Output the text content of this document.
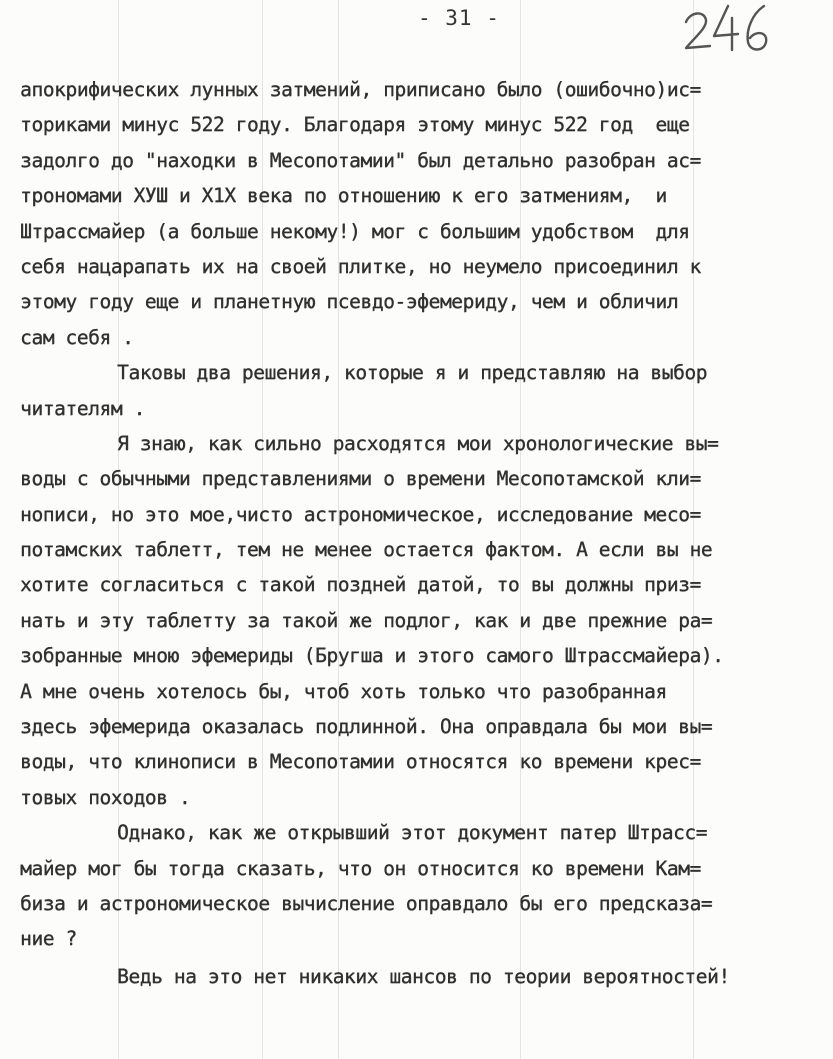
- 31 -
апокрифических лунных затмений, приписано было (ошибочно)ис=
ториками минус 522 году. Благодаря этому минус 522 год  еще
задолго до "находки в Месопотамии" был детально разобран ас=
трономами ХУШ и Х1Х века по отношению к его затмениям,  и
Штрассмайер (а больше некому!) мог с большим удобством  для
себя нацарапать их на своей плитке, но неумело присоединил к
этому году еще и планетную псевдо-эфемериду, чем и обличил
сам себя .
Таковы два решения, которые я и представляю на выбор
читателям .
Я знаю, как сильно расходятся мои хронологические вы=
воды с обычными представлениями о времени Месопотамской кли=
нописи, но это мое,чисто астрономическое, исследование месо=
потамских таблетт, тем не менее остается фактом. А если вы не
хотите согласиться с такой поздней датой, то вы должны приз=
нать и эту таблетту за такой же подлог, как и две прежние ра=
зобранные мною эфемериды (Бругша и этого самого Штрассмайера).
А мне очень хотелось бы, чтоб хоть только что разобранная
здесь эфемерида оказалась подлинной. Она оправдала бы мои вы=
воды, что клинописи в Месопотамии относятся ко времени крес=
товых походов .
Однако, как же открывший этот документ патер Штрасс=
майер мог бы тогда сказать, что он относится ко времени Кам=
биза и астрономическое вычисление оправдало бы его предсказа=
ние ?
Ведь на это нет никаких шансов по теории вероятностей!
